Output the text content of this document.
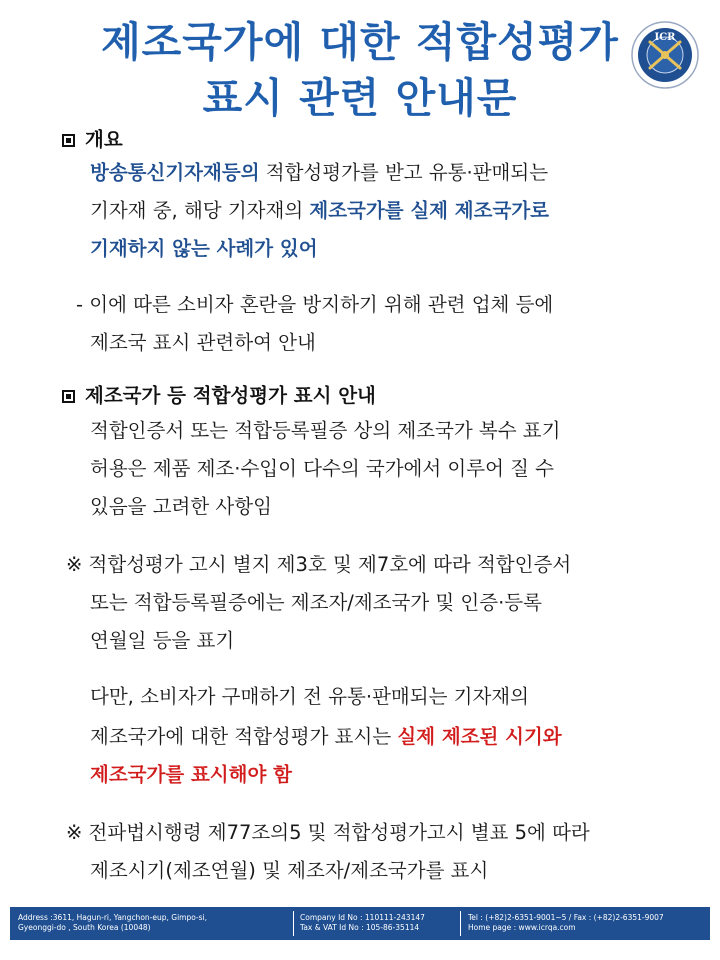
제조국가에 대한 적합성평가
표시 관련 안내문
ICR
개요
방송통신기자재등의 적합성평가를 받고 유통·판매되는
기자재 중, 해당 기자재의 제조국가를 실제 제조국가로
기재하지 않는 사례가 있어
- 이에 따른 소비자 혼란을 방지하기 위해 관련 업체 등에
제조국 표시 관련하여 안내
제조국가 등 적합성평가 표시 안내
적합인증서 또는 적합등록필증 상의 제조국가 복수 표기
허용은 제품 제조·수입이 다수의 국가에서 이루어 질 수
있음을 고려한 사항임
※ 적합성평가 고시 별지 제3호 및 제7호에 따라 적합인증서
또는 적합등록필증에는 제조자/제조국가 및 인증·등록
연월일 등을 표기
다만, 소비자가 구매하기 전 유통·판매되는 기자재의
제조국가에 대한 적합성평가 표시는 실제 제조된 시기와
제조국가를 표시해야 함
※ 전파법시행령 제77조의5 및 적합성평가고시 별표 5에 따라
제조시기(제조연월) 및 제조자/제조국가를 표시
Address :3611, Hagun-ri, Yangchon-eup, Gimpo-si,
Gyeonggi-do , South Korea (10048)
Company Id No : 110111-243147
Tax & VAT Id No : 105-86-35114
Tel : (+82)2-6351-9001~5 / Fax : (+82)2-6351-9007
Home page : www.icrqa.com
